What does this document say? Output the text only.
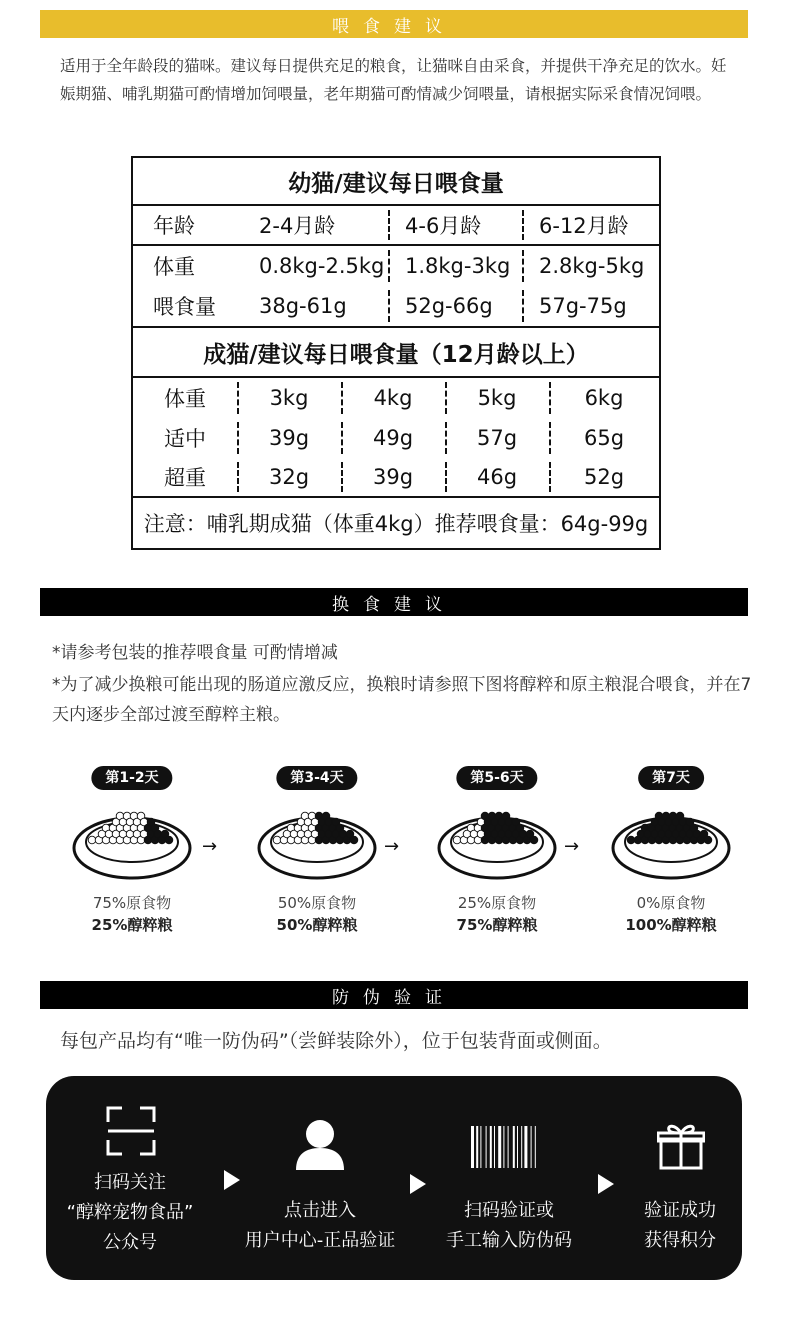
喂食建议

适用于全年龄段的猫咪。建议每日提供充足的粮食，让猫咪自由采食，并提供干净充足的饮水。妊娠期猫、哺乳期猫可酌情增加饲喂量，老年期猫可酌情减少饲喂量，请根据实际采食情况饲喂。

幼猫/建议每日喂食量
年龄	2-4月龄	4-6月龄	6-12月龄
体重	0.8kg-2.5kg 1.8kg-3kg 2.8kg-5kg
喂食量 38g-61g	52g-66g 57g-75g
成猫/建议每日喂食量（12月龄以上）
体重	3kg	4kg	5kg	6kg
适中	39g	49g	57g	65g
超重	32g	39g	46g	52g
注意：哺乳期成猫（体重4kg）推荐喂食量：64g-99g
换食建议

*请参考包装的推荐喂食量 可酌情增减

*为了减少换粮可能出现的肠道应激反应，换粮时请参照下图将醇粹和原主粮混合喂食，并在7天内逐步全部过渡至醇粹主粮。

第1-2天
75%原食物
25%醇粹粮
→
第3-4天
50%原食物
50%醇粹粮
→
第5-6天
25%原食物
75%醇粹粮
→
第7天
0%原食物
100%醇粹粮
防伪验证

每包产品均有“唯一防伪码”（尝鲜装除外），位于包装背面或侧面。

扫码关注
“醇粹宠物食品”
公众号
点击进入
用户中心-正品验证
扫码验证或
手工输入防伪码
验证成功
获得积分
